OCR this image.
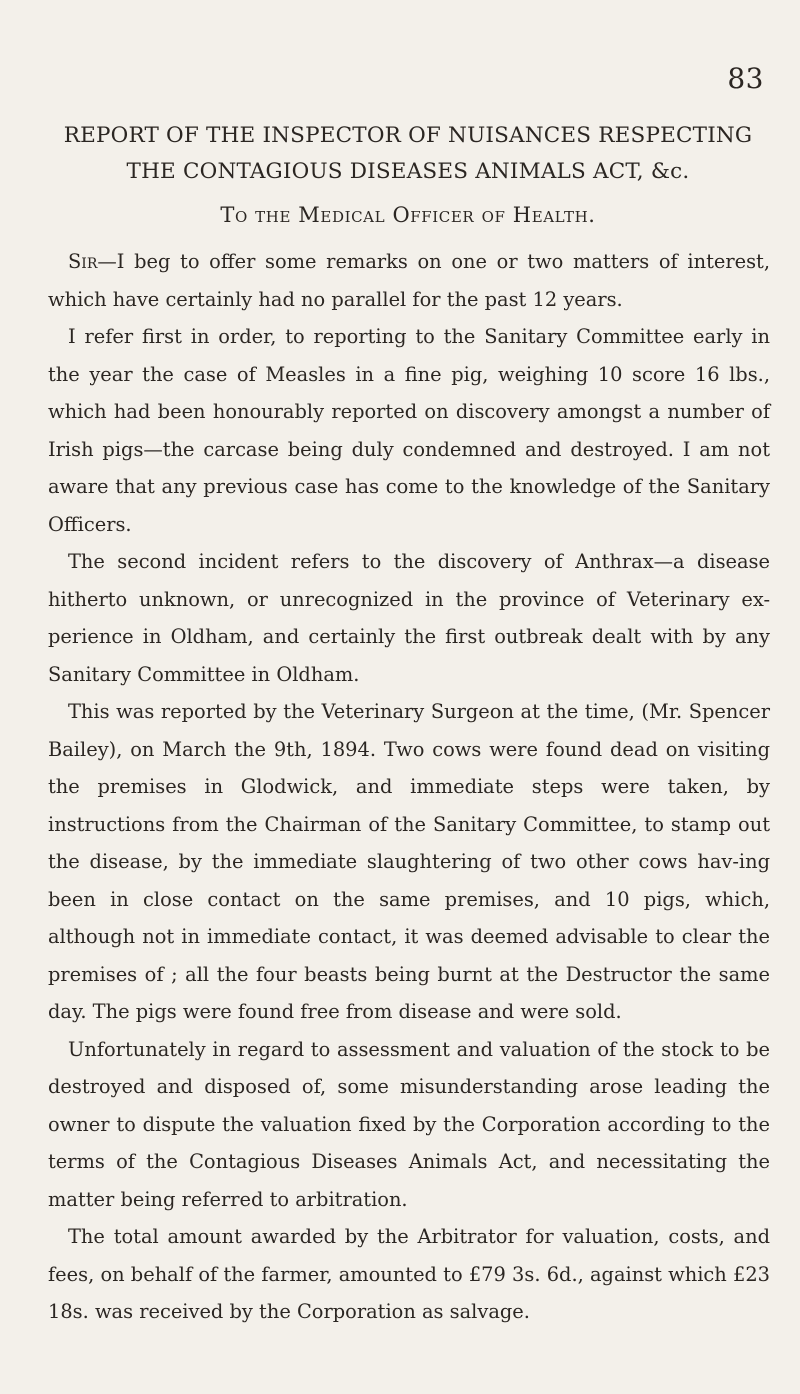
83
REPORT OF THE INSPECTOR OF NUISANCES RESPECTING
THE CONTAGIOUS DISEASES ANIMALS ACT, &c.
To the Medical Officer of Health.

Sir—I beg to offer some remarks on one or two matters of interest, which have certainly had no parallel for the past 12 years.

I refer first in order, to reporting to the Sanitary Committee early in the year the case of Measles in a fine pig, weighing 10 score 16 lbs., which had been honourably reported on discovery amongst a number of Irish pigs—the carcase being duly condemned and destroyed. I am not aware that any previous case has come to the knowledge of the Sanitary Officers.

The second incident refers to the discovery of Anthrax—a disease hitherto unknown, or unrecognized in the province of Veterinary ex-perience in Oldham, and certainly the first outbreak dealt with by any Sanitary Committee in Oldham.

This was reported by the Veterinary Surgeon at the time, (Mr. Spencer Bailey), on March the 9th, 1894. Two cows were found dead on visiting the premises in Glodwick, and immediate steps were taken, by instructions from the Chairman of the Sanitary Committee, to stamp out the disease, by the immediate slaughtering of two other cows hav-ing been in close contact on the same premises, and 10 pigs, which, although not in immediate contact, it was deemed advisable to clear the premises of ; all the four beasts being burnt at the Destructor the same day. The pigs were found free from disease and were sold.

Unfortunately in regard to assessment and valuation of the stock to be destroyed and disposed of, some misunderstanding arose leading the owner to dispute the valuation fixed by the Corporation according to the terms of the Contagious Diseases Animals Act, and necessitating the matter being referred to arbitration.

The total amount awarded by the Arbitrator for valuation, costs, and fees, on behalf of the farmer, amounted to £79 3s. 6d., against which £23 18s. was received by the Corporation as salvage.
